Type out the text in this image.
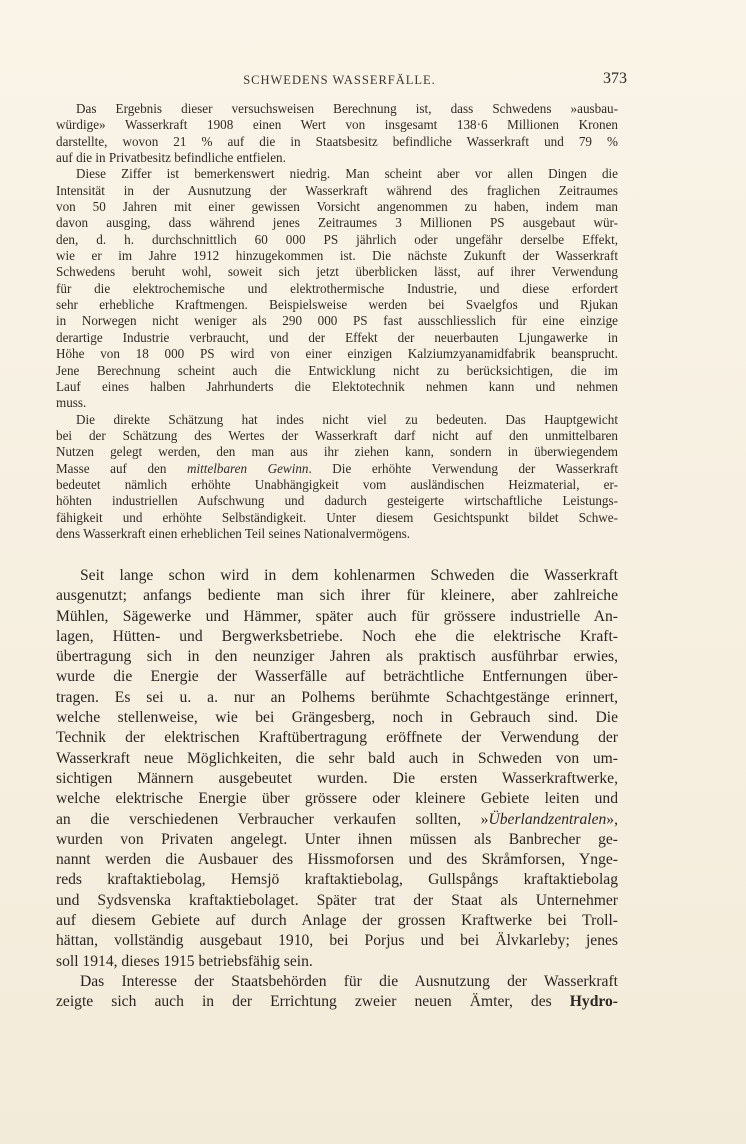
SCHWEDENS WASSERFÄLLE.	373
Das Ergebnis dieser versuchsweisen Berechnung ist, dass Schwedens »ausbau-
würdige» Wasserkraft 1908 einen Wert von insgesamt 138·6 Millionen Kronen
darstellte, wovon 21 % auf die in Staatsbesitz befindliche Wasserkraft und 79 %
auf die in Privatbesitz befindliche entfielen.
Diese Ziffer ist bemerkenswert niedrig. Man scheint aber vor allen Dingen die
Intensität in der Ausnutzung der Wasserkraft während des fraglichen Zeitraumes
von 50 Jahren mit einer gewissen Vorsicht angenommen zu haben, indem man
davon ausging, dass während jenes Zeitraumes 3 Millionen PS ausgebaut wür-
den, d. h. durchschnittlich 60 000 PS jährlich oder ungefähr derselbe Effekt,
wie er im Jahre 1912 hinzugekommen ist. Die nächste Zukunft der Wasserkraft
Schwedens beruht wohl, soweit sich jetzt überblicken lässt, auf ihrer Verwendung
für die elektrochemische und elektrothermische Industrie, und diese erfordert
sehr erhebliche Kraftmengen. Beispielsweise werden bei Svaelgfos und Rjukan
in Norwegen nicht weniger als 290 000 PS fast ausschliesslich für eine einzige
derartige Industrie verbraucht, und der Effekt der neuerbauten Ljungawerke in
Höhe von 18 000 PS wird von einer einzigen Kalziumzyanamidfabrik beansprucht.
Jene Berechnung scheint auch die Entwicklung nicht zu berücksichtigen, die im
Lauf eines halben Jahrhunderts die Elektotechnik nehmen kann und nehmen
muss.
Die direkte Schätzung hat indes nicht viel zu bedeuten. Das Hauptgewicht
bei der Schätzung des Wertes der Wasserkraft darf nicht auf den unmittelbaren
Nutzen gelegt werden, den man aus ihr ziehen kann, sondern in überwiegendem
Masse auf den mittelbaren Gewinn. Die erhöhte Verwendung der Wasserkraft
bedeutet nämlich erhöhte Unabhängigkeit vom ausländischen Heizmaterial, er-
höhten industriellen Aufschwung und dadurch gesteigerte wirtschaftliche Leistungs-
fähigkeit und erhöhte Selbständigkeit. Unter diesem Gesichtspunkt bildet Schwe-
dens Wasserkraft einen erheblichen Teil seines Nationalvermögens.
Seit lange schon wird in dem kohlenarmen Schweden die Wasserkraft
ausgenutzt; anfangs bediente man sich ihrer für kleinere, aber zahlreiche
Mühlen, Sägewerke und Hämmer, später auch für grössere industrielle An-
lagen, Hütten- und Bergwerksbetriebe. Noch ehe die elektrische Kraft-
übertragung sich in den neunziger Jahren als praktisch ausführbar erwies,
wurde die Energie der Wasserfälle auf beträchtliche Entfernungen über-
tragen. Es sei u. a. nur an Polhems berühmte Schachtgestänge erinnert,
welche stellenweise, wie bei Grängesberg, noch in Gebrauch sind. Die
Technik der elektrischen Kraftübertragung eröffnete der Verwendung der
Wasserkraft neue Möglichkeiten, die sehr bald auch in Schweden von um-
sichtigen Männern ausgebeutet wurden. Die ersten Wasserkraftwerke,
welche elektrische Energie über grössere oder kleinere Gebiete leiten und
an die verschiedenen Verbraucher verkaufen sollten, »Überlandzentralen»,
wurden von Privaten angelegt. Unter ihnen müssen als Banbrecher ge-
nannt werden die Ausbauer des Hissmoforsen und des Skråmforsen, Ynge-
reds kraftaktiebolag, Hemsjö kraftaktiebolag, Gullspångs kraftaktiebolag
und Sydsvenska kraftaktiebolaget. Später trat der Staat als Unternehmer
auf diesem Gebiete auf durch Anlage der grossen Kraftwerke bei Troll-
hättan, vollständig ausgebaut 1910, bei Porjus und bei Älvkarleby; jenes
soll 1914, dieses 1915 betriebsfähig sein.
Das Interesse der Staatsbehörden für die Ausnutzung der Wasserkraft
zeigte sich auch in der Errichtung zweier neuen Ämter, des Hydro-
